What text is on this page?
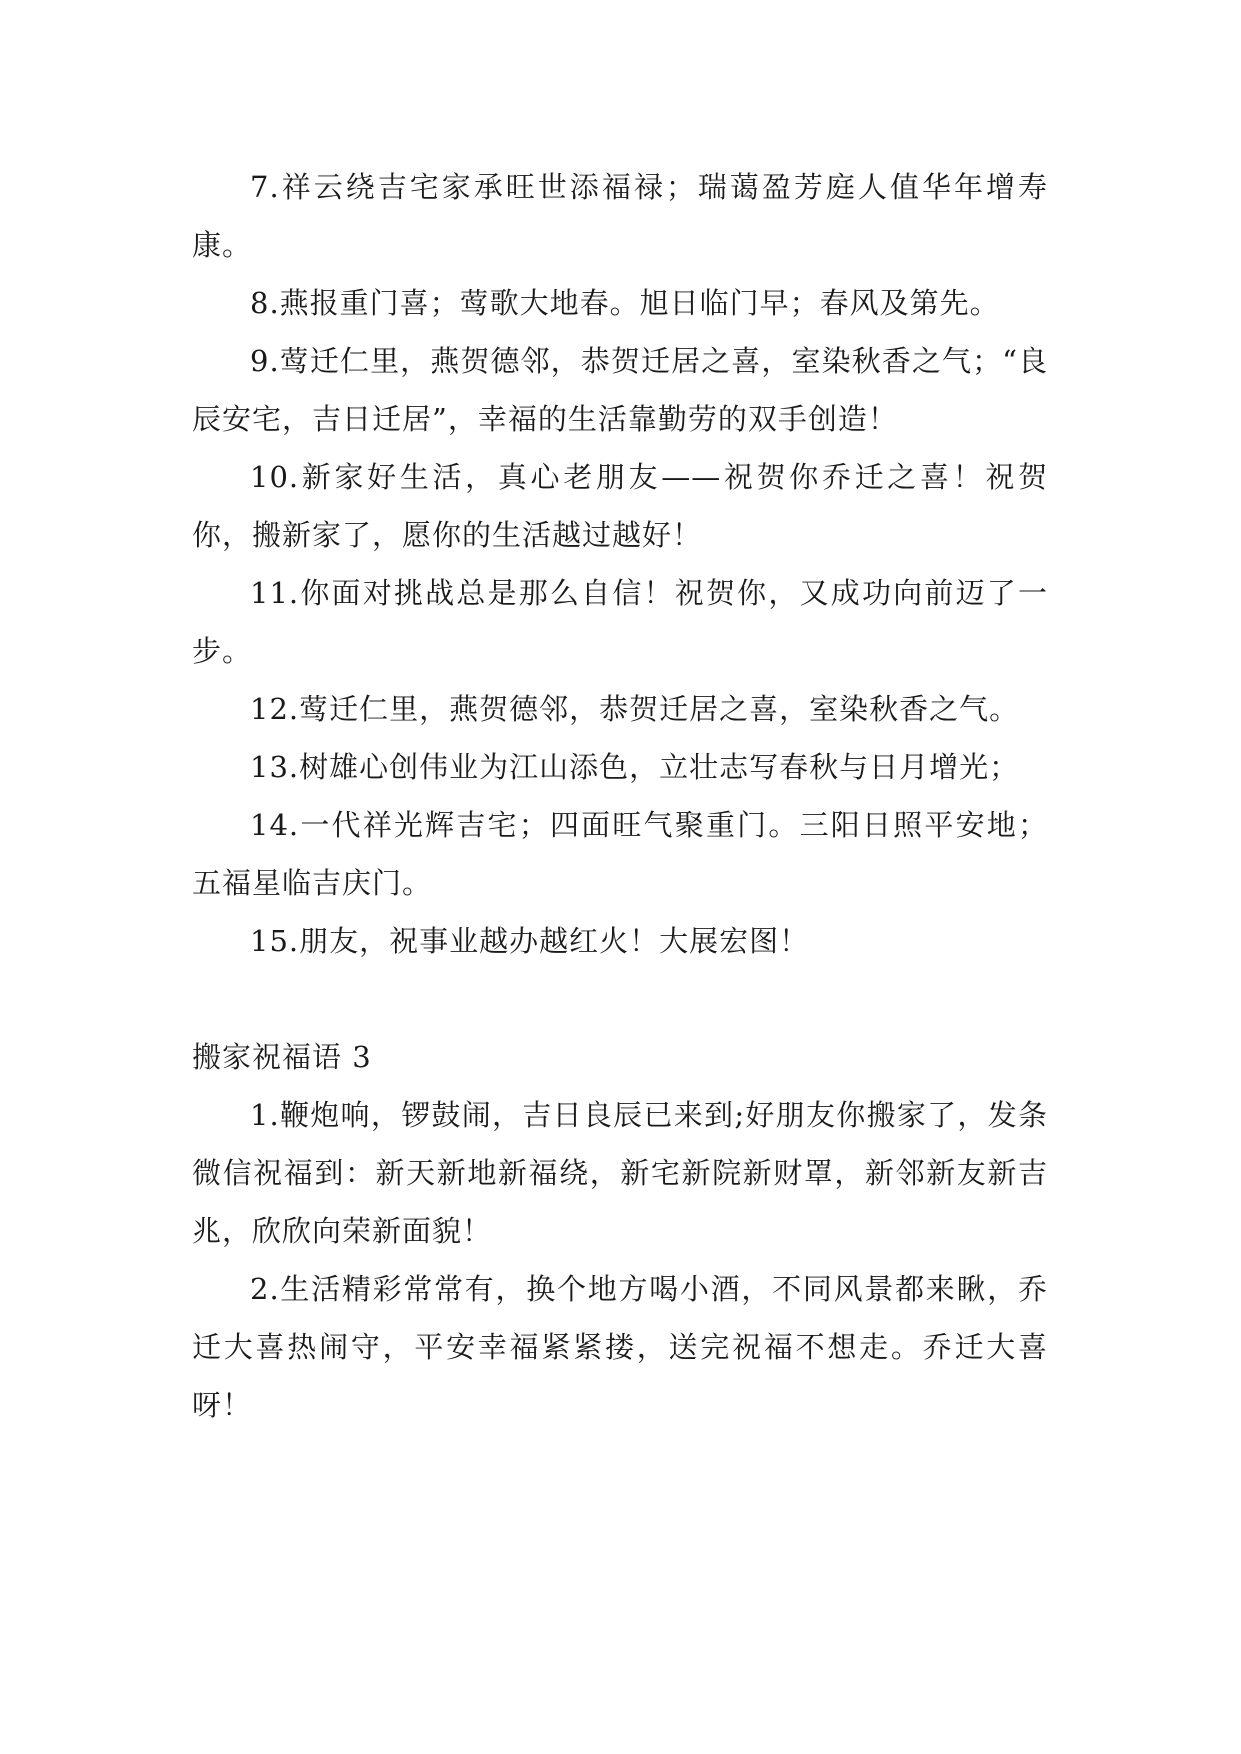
7.祥云绕吉宅家承旺世添福禄；瑞蔼盈芳庭人值华年增寿康。

8.燕报重门喜；莺歌大地春。旭日临门早；春风及第先。

9.莺迁仁里，燕贺德邻，恭贺迁居之喜，室染秋香之气；“良辰安宅，吉日迁居”，幸福的生活靠勤劳的双手创造！

10.新家好生活，真心老朋友——祝贺你乔迁之喜！祝贺你，搬新家了，愿你的生活越过越好！

11.你面对挑战总是那么自信！祝贺你，又成功向前迈了一步。

12.莺迁仁里，燕贺德邻，恭贺迁居之喜，室染秋香之气。

13.树雄心创伟业为江山添色，立壮志写春秋与日月增光；

14.一代祥光辉吉宅；四面旺气聚重门。三阳日照平安地；五福星临吉庆门。

15.朋友，祝事业越办越红火！大展宏图！

搬家祝福语 3

1.鞭炮响，锣鼓闹，吉日良辰已来到;好朋友你搬家了，发条微信祝福到：新天新地新福绕，新宅新院新财罩，新邻新友新吉兆，欣欣向荣新面貌！

2.生活精彩常常有，换个地方喝小酒，不同风景都来瞅，乔迁大喜热闹守，平安幸福紧紧搂，送完祝福不想走。乔迁大喜呀！
